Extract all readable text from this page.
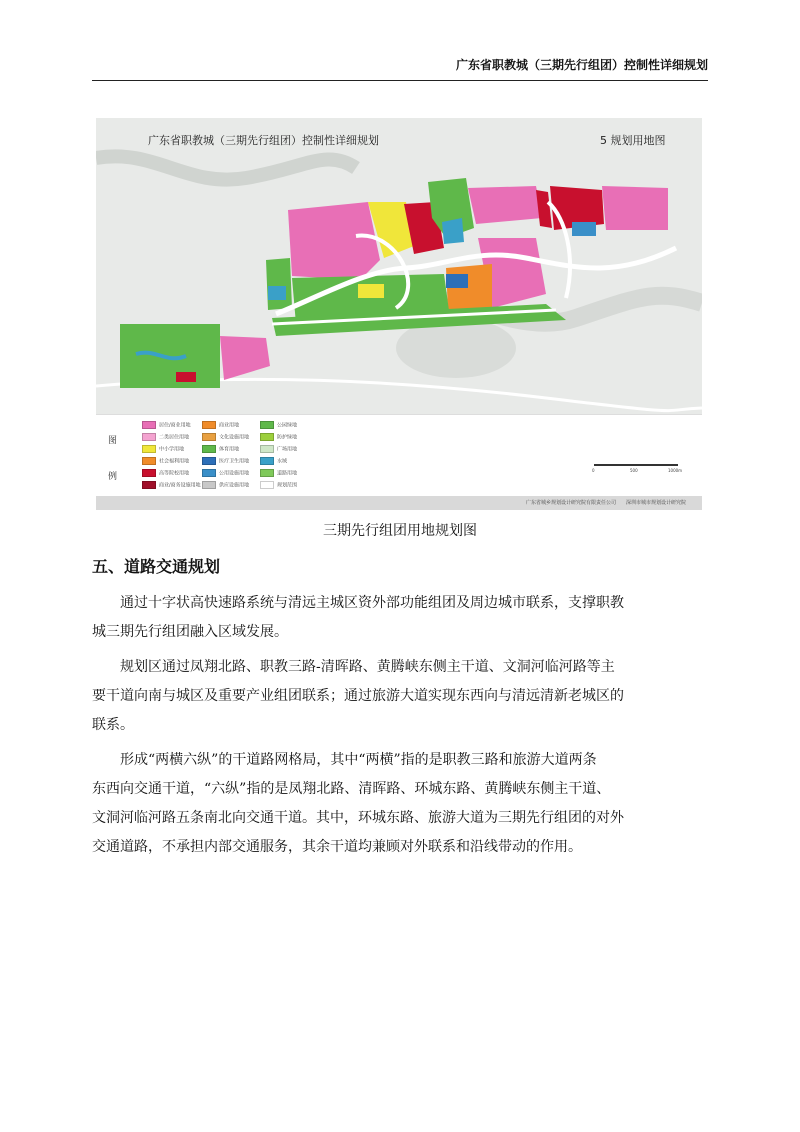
广东省职教城（三期先行组团）控制性详细规划
广东省职教城（三期先行组团）控制性详细规划	5 规划用地图
图
例
居住/商业用地
二类居住用地
中小学用地
社会福利用地
高等院校用地
商业/商务设施用地
商业用地
文化设施用地
体育用地
医疗卫生用地
公用设施用地
供应设施用地
公园绿地
防护绿地
广场用地
水域
道路用地
规划范围
0	500	1000m
广东省城乡规划设计研究院有限责任公司 深圳市城市规划设计研究院
三期先行组团用地规划图
五、道路交通规划
　　通过十字状高快速路系统与清远主城区资外部功能组团及周边城市联系，支撑职教
城三期先行组团融入区域发展。
　　规划区通过凤翔北路、职教三路-清晖路、黄腾峡东侧主干道、文洞河临河路等主
要干道向南与城区及重要产业组团联系；通过旅游大道实现东西向与清远清新老城区的
联系。
　　形成“两横六纵”的干道路网格局，其中“两横”指的是职教三路和旅游大道两条
东西向交通干道，“六纵”指的是凤翔北路、清晖路、环城东路、黄腾峡东侧主干道、
文洞河临河路五条南北向交通干道。其中，环城东路、旅游大道为三期先行组团的对外
交通道路，不承担内部交通服务，其余干道均兼顾对外联系和沿线带动的作用。
